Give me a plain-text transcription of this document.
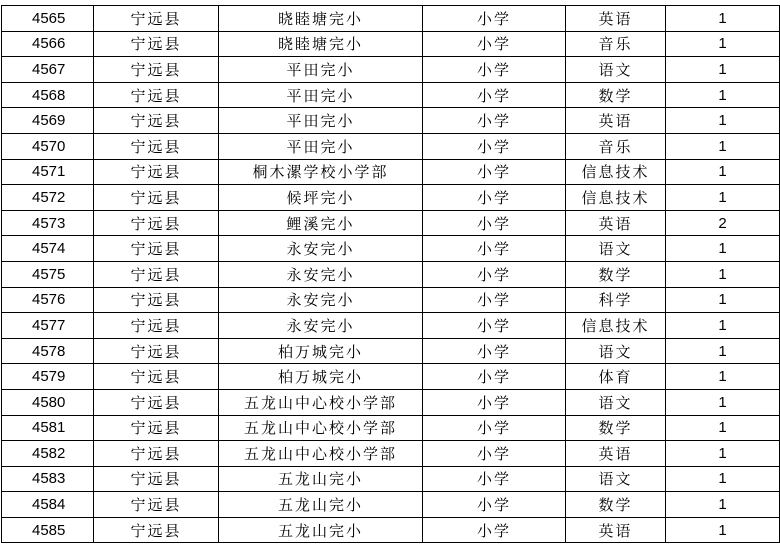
4565	宁远县	晓睦塘完小	小学	英语	1
4566	宁远县	晓睦塘完小	小学	音乐	1
4567	宁远县	平田完小	小学	语文	1
4568	宁远县	平田完小	小学	数学	1
4569	宁远县	平田完小	小学	英语	1
4570	宁远县	平田完小	小学	音乐	1
4571	宁远县	桐木漯学校小学部	小学	信息技术	1
4572	宁远县	候坪完小	小学	信息技术	1
4573	宁远县	鲤溪完小	小学	英语	2
4574	宁远县	永安完小	小学	语文	1
4575	宁远县	永安完小	小学	数学	1
4576	宁远县	永安完小	小学	科学	1
4577	宁远县	永安完小	小学	信息技术	1
4578	宁远县	柏万城完小	小学	语文	1
4579	宁远县	柏万城完小	小学	体育	1
4580	宁远县	五龙山中心校小学部	小学	语文	1
4581	宁远县	五龙山中心校小学部	小学	数学	1
4582	宁远县	五龙山中心校小学部	小学	英语	1
4583	宁远县	五龙山完小	小学	语文	1
4584	宁远县	五龙山完小	小学	数学	1
4585	宁远县	五龙山完小	小学	英语	1
